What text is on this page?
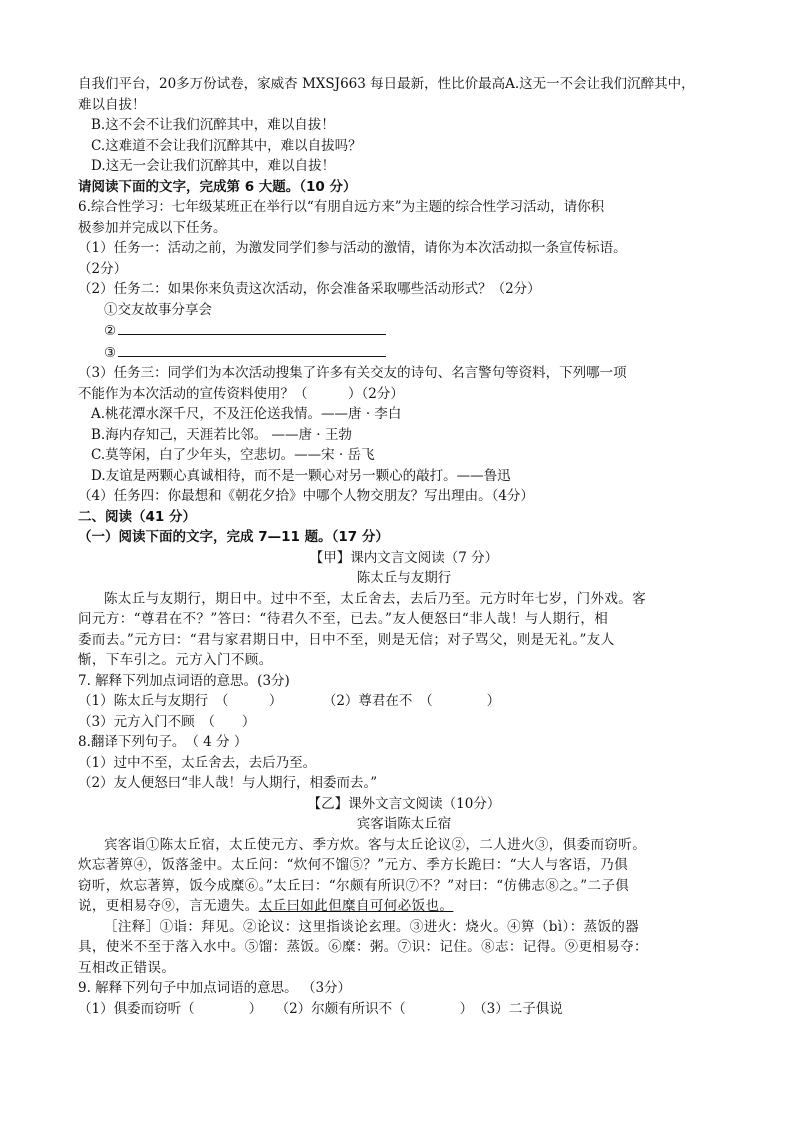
自我们平台，20多万份试卷，家威杏 MXSJ663 每日最新，性比价最高A.这无一不会让我们沉醉其中，
难以自拔！
B.这不会不让我们沉醉其中，难以自拔！
C.这难道不会让我们沉醉其中，难以自拔吗？
D.这无一会让我们沉醉其中，难以自拔！
请阅读下面的文字，完成第 6 大题。（10 分）
6.综合性学习：七年级某班正在举行以“有朋自远方来”为主题的综合性学习活动，请你积
极参加并完成以下任务。
（1）任务一：活动之前，为激发同学们参与活动的激情，请你为本次活动拟一条宣传标语。
（2分）
（2）任务二：如果你来负责这次活动，你会准备采取哪些活动形式？（2分）
①交友故事分享会
②
③
（3）任务三：同学们为本次活动搜集了许多有关交友的诗句、名言警句等资料，下列哪一项
不能作为本次活动的宣传资料使用？（　　　）（2分）
A.桃花潭水深千尺，不及汪伦送我情。——唐 · 李白
B.海内存知己，天涯若比邻。 ——唐 · 王勃
C.莫等闲，白了少年头，空悲切。——宋 · 岳飞
D.友谊是两颗心真诚相待，而不是一颗心对另一颗心的敲打。——鲁迅
（4）任务四：你最想和《朝花夕拾》中哪个人物交朋友？写出理由。（4分）
二、阅读（41 分）
（一）阅读下面的文字，完成 7—11 题。（17 分）
【甲】课内文言文阅读（7 分）
陈太丘与友期行
陈太丘与友期行，期日中。过中不至，太丘舍去，去后乃至。元方时年七岁，门外戏。客
问元方：“尊君在不？”答曰：“待君久不至，已去。”友人便怒曰“非人哉！与人期行，相
委而去。”元方曰：“君与家君期日中，日中不至，则是无信；对子骂父，则是无礼。”友人
惭，下车引之。元方入门不顾。
7. 解释下列加点词语的意思。(3分)
（1）陈太丘与友期行　（　　　）　　　　（2）尊君在不　（　　　　）
（3）元方入门不顾　（　　）
8.翻译下列句子。　（ 4 分 ）
（1）过中不至，太丘舍去，去后乃至。
（2）友人便怒曰“非人哉！与人期行，相委而去。”
【乙】课外文言文阅读（10分）
宾客诣陈太丘宿
宾客诣①陈太丘宿，太丘使元方、季方炊。客与太丘论议②，二人进火③，俱委而窃听。
炊忘著箅④，饭落釜中。太丘问：“炊何不馏⑤？”元方、季方长跪曰：“大人与客语，乃俱
窃听，炊忘著箅，饭今成糜⑥。”太丘曰：“尔颇有所识⑦不？”对曰：“仿佛志⑧之。”二子俱
说，更相易夺⑨，言无遗失。太丘曰如此但糜自可何必饭也。
［注释］①诣：拜见。②论议：这里指谈论玄理。③进火：烧火。④箅（bì）：蒸饭的器
具，使米不至于落入水中。⑤馏：蒸饭。⑥糜：粥。⑦识：记住。⑧志：记得。⑨更相易夺：
互相改正错误。
9. 解释下列句子中加点词语的意思。 （3分）
（1）俱委而窃听（　　　　）　　（2）尔颇有所识不（　　　　）　（3）二子俱说
